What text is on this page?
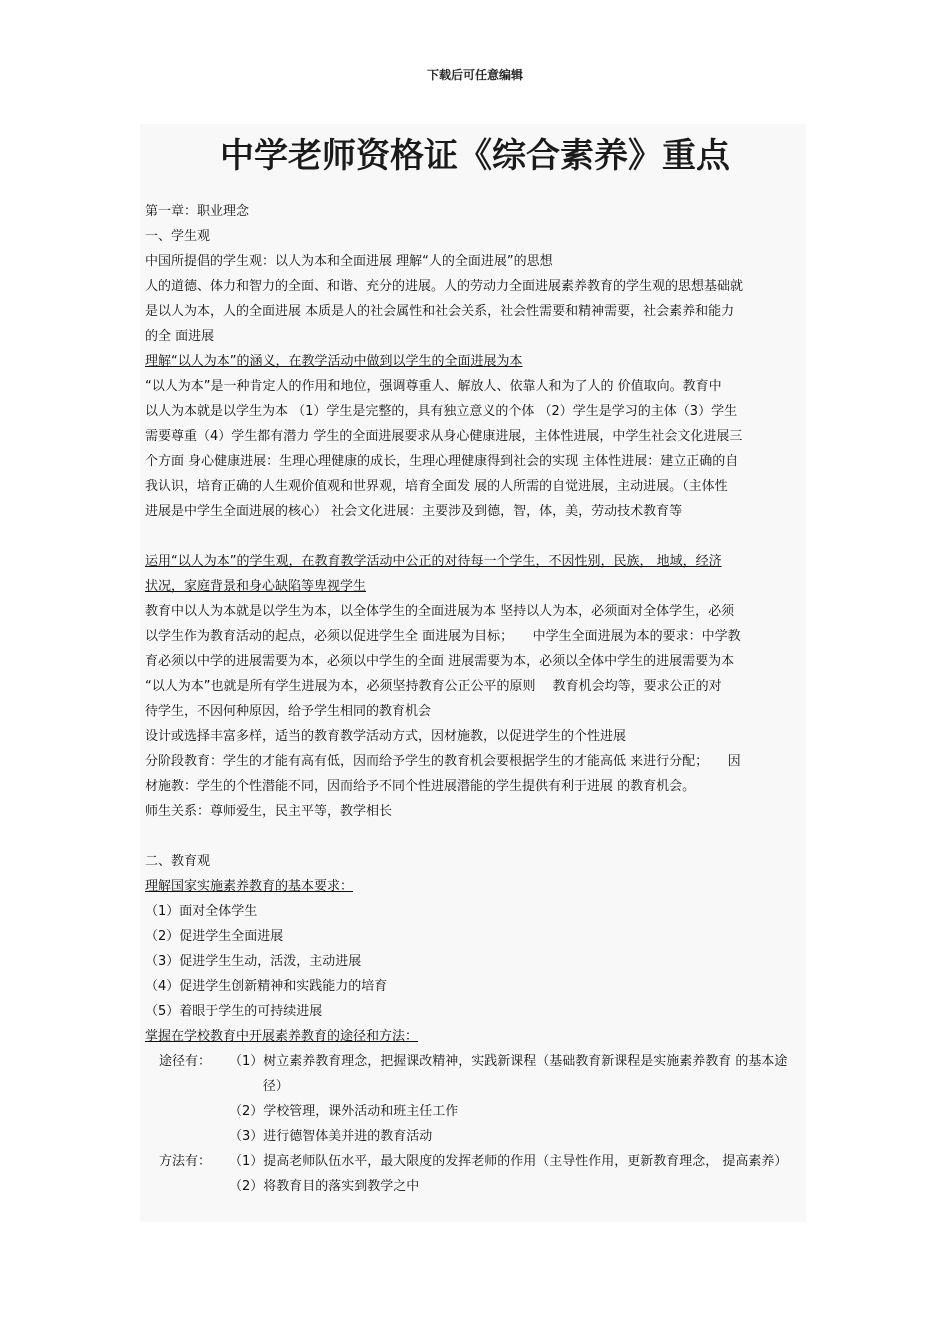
下载后可任意编辑
中学老师资格证《综合素养》重点

第一章：职业理念

一、学生观

中国所提倡的学生观：以人为本和全面进展 理解“人的全面进展”的思想

人的道德、体力和智力的全面、和谐、充分的进展。人的劳动力全面进展素养教育的学生观的思想基础就

是以人为本，人的全面进展 本质是人的社会属性和社会关系，社会性需要和精神需要，社会素养和能力

的全 面进展

理解“以人为本”的涵义，在教学活动中做到以学生的全面进展为本

“以人为本”是一种肯定人的作用和地位，强调尊重人、解放人、依靠人和为了人的 价值取向。教育中

以人为本就是以学生为本 （1）学生是完整的，具有独立意义的个体 （2）学生是学习的主体（3）学生

需要尊重（4）学生都有潜力 学生的全面进展要求从身心健康进展，主体性进展，中学生社会文化进展三

个方面 身心健康进展：生理心理健康的成长，生理心理健康得到社会的实现 主体性进展：建立正确的自

我认识，培育正确的人生观价值观和世界观，培育全面发 展的人所需的自觉进展，主动进展。（主体性

进展是中学生全面进展的核心） 社会文化进展：主要涉及到德，智，体，美，劳动技术教育等

运用“以人为本”的学生观，在教育教学活动中公正的对待每一个学生，不因性别，民族， 地域，经济

状况，家庭背景和身心缺陷等卑视学生

教育中以人为本就是以学生为本，以全体学生的全面进展为本 坚持以人为本，必须面对全体学生，必须

以学生作为教育活动的起点，必须以促进学生全 面进展为目标；　　中学生全面进展为本的要求：中学教

育必须以中学的进展需要为本，必须以中学生的全面 进展需要为本，必须以全体中学生的进展需要为本

“以人为本”也就是所有学生进展为本，必须坚持教育公正公平的原则　 教育机会均等，要求公正的对

待学生，不因何种原因，给予学生相同的教育机会

设计或选择丰富多样，适当的教育教学活动方式，因材施教，以促进学生的个性进展

分阶段教育：学生的才能有高有低，因而给予学生的教育机会要根据学生的才能高低 来进行分配；　　因

材施教：学生的个性潜能不同，因而给予不同个性进展潜能的学生提供有利于进展 的教育机会。

师生关系：尊师爱生，民主平等，教学相长

二、教育观

理解国家实施素养教育的基本要求：

（1）面对全体学生

（2）促进学生全面进展

（3）促进学生生动，活泼，主动进展

（4）促进学生创新精神和实践能力的培育

（5）着眼于学生的可持续进展

掌握在学校教育中开展素养教育的途径和方法：

途径有：	（1）树立素养教育理念，把握课改精神，实践新课程（基础教育新课程是实施素养教育 的基本途径）

（2）学校管理，课外活动和班主任工作

（3）进行德智体美并进的教育活动

方法有：	（1）提高老师队伍水平，最大限度的发挥老师的作用（主导性作用，更新教育理念， 提高素养）

（2）将教育目的落实到教学之中
